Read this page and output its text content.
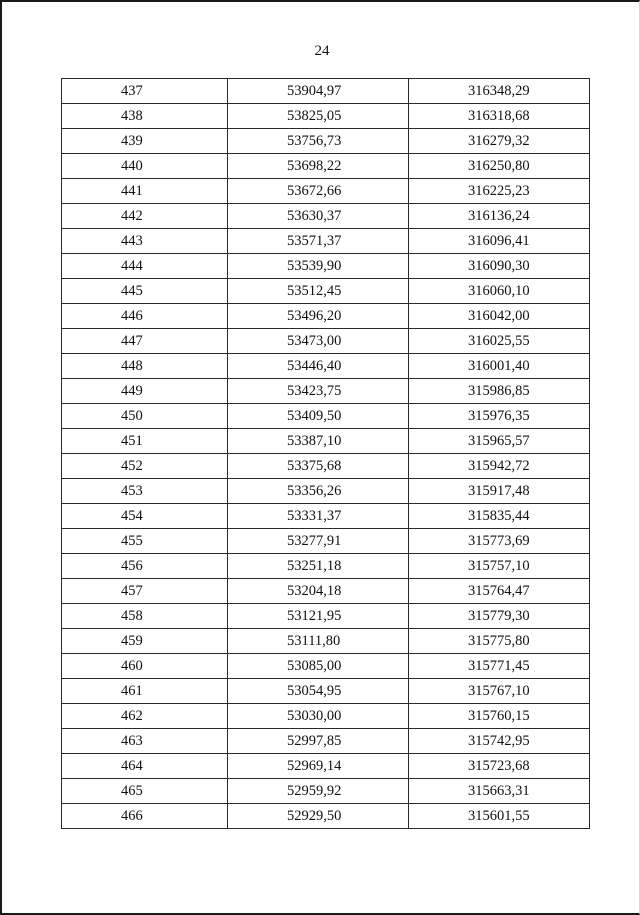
24
437	53904,97	316348,29
438	53825,05	316318,68
439	53756,73	316279,32
440	53698,22	316250,80
441	53672,66	316225,23
442	53630,37	316136,24
443	53571,37	316096,41
444	53539,90	316090,30
445	53512,45	316060,10
446	53496,20	316042,00
447	53473,00	316025,55
448	53446,40	316001,40
449	53423,75	315986,85
450	53409,50	315976,35
451	53387,10	315965,57
452	53375,68	315942,72
453	53356,26	315917,48
454	53331,37	315835,44
455	53277,91	315773,69
456	53251,18	315757,10
457	53204,18	315764,47
458	53121,95	315779,30
459	53111,80	315775,80
460	53085,00	315771,45
461	53054,95	315767,10
462	53030,00	315760,15
463	52997,85	315742,95
464	52969,14	315723,68
465	52959,92	315663,31
466	52929,50	315601,55
